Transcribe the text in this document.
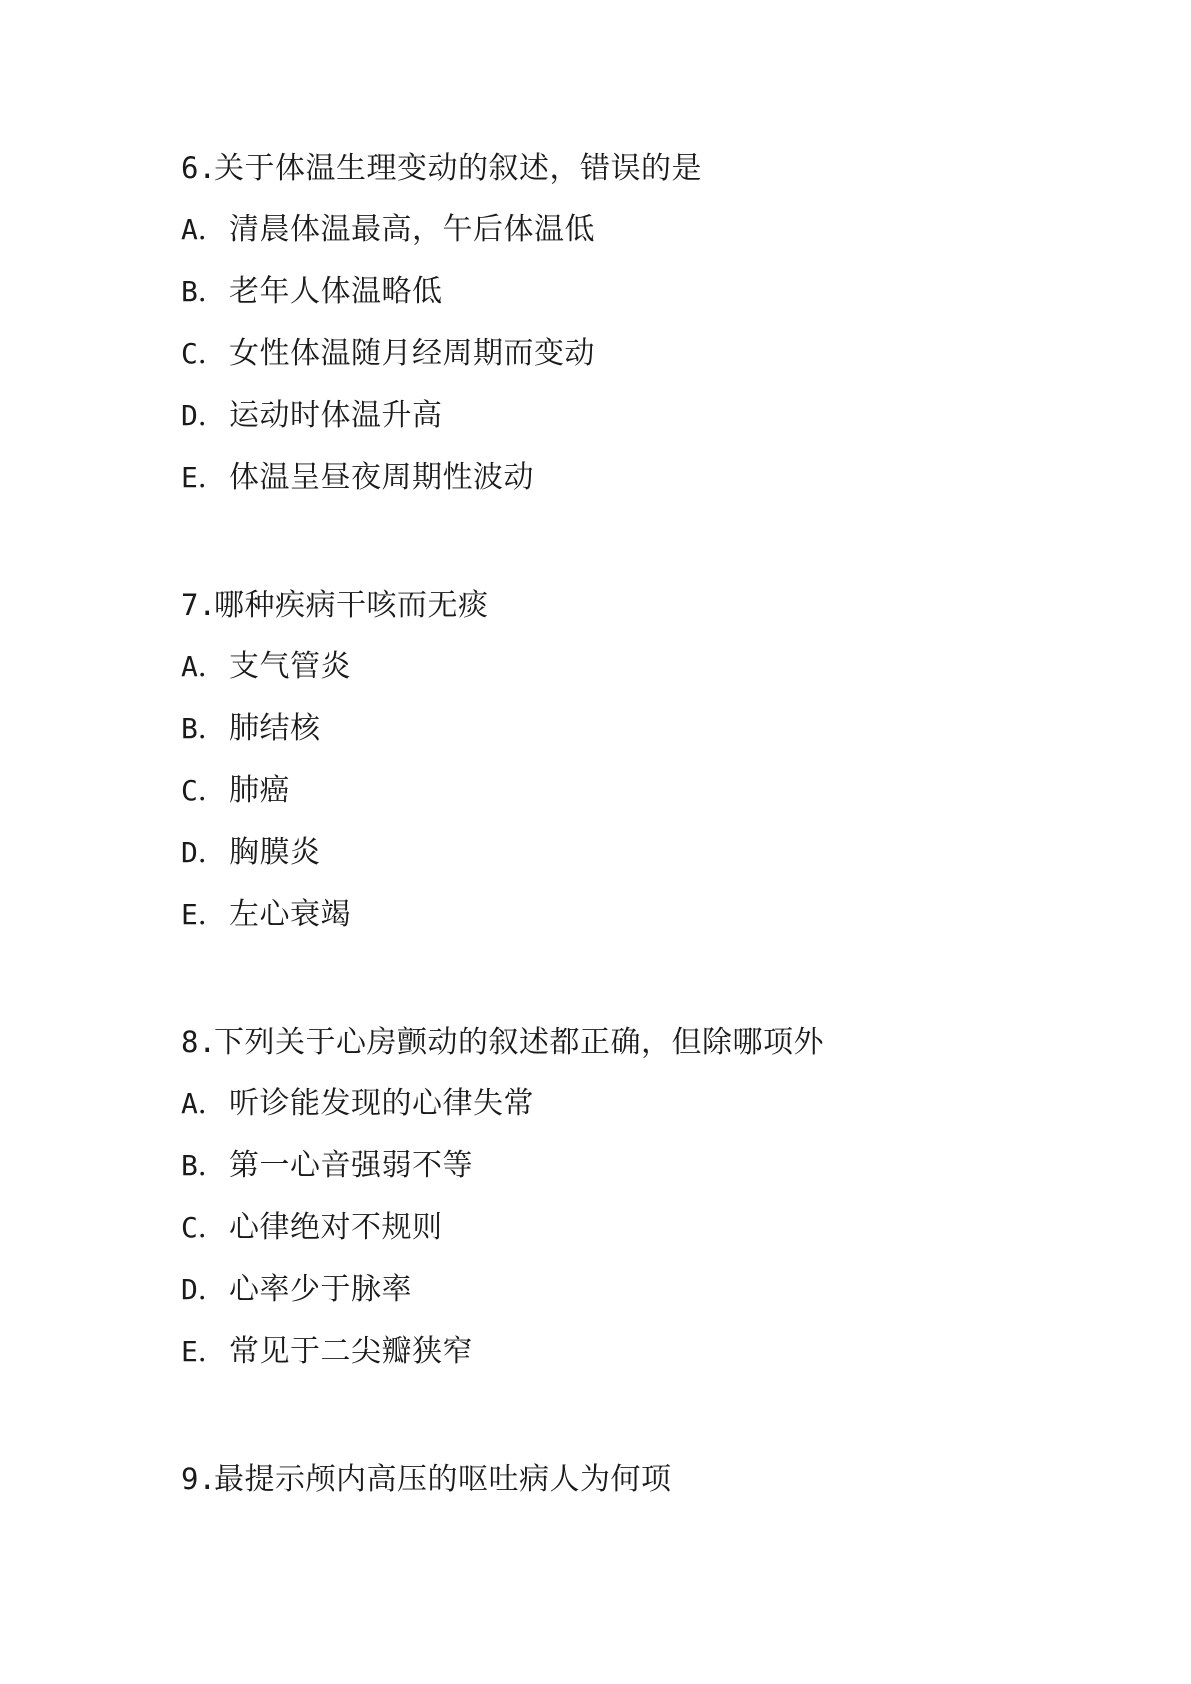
6.
关于体温生理变动的叙述，错误的是
A． 清晨体温最高，午后体温低
B． 老年人体温略低
C． 女性体温随月经周期而变动
D． 运动时体温升高
E． 体温呈昼夜周期性波动
7.
哪种疾病干咳而无痰
A． 支气管炎
B． 肺结核
C． 肺癌
D． 胸膜炎
E． 左心衰竭
8.
下列关于心房颤动的叙述都正确，但除哪项外
A． 听诊能发现的心律失常
B． 第一心音强弱不等
C． 心律绝对不规则
D． 心率少于脉率
E． 常见于二尖瓣狭窄
9.
最提示颅内高压的呕吐病人为何项
